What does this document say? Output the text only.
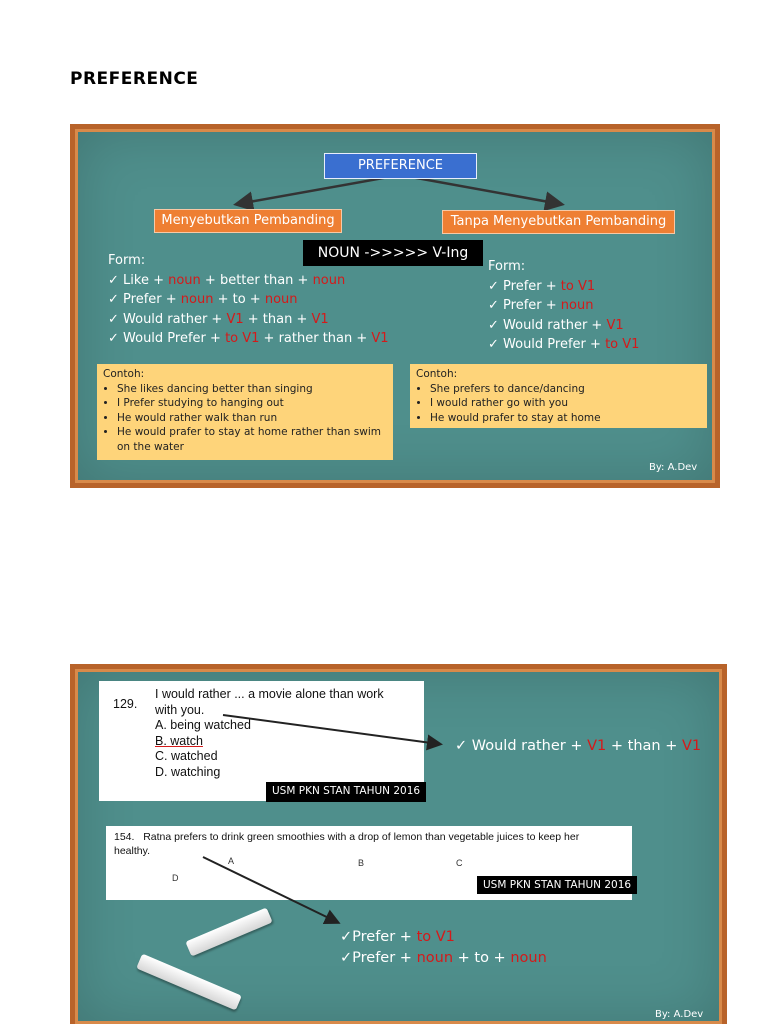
PREFERENCE
PREFERENCE
Menyebutkan Pembanding	Tanpa Menyebutkan Pembanding
NOUN ->>>>> V-Ing
Form:
✓ Like + noun + better than + noun
✓ Prefer + noun + to + noun
✓ Would rather + V1 + than + V1
✓ Would Prefer + to V1 + rather than + V1
Form:
✓ Prefer + to V1
✓ Prefer + noun
✓ Would rather + V1
✓ Would Prefer + to V1
Contoh:
• She likes dancing better than singing
• I Prefer studying to hanging out
• He would rather walk than run
• He would prafer to stay at home rather than swim on the water
Contoh:
• She prefers to dance/dancing
• I would rather go with you
• He would prafer to stay at home
By: A.Dev
129.
I would rather ... a movie alone than work
with you.
A. being watched
B. watch
C. watched
D. watching
USM PKN STAN TAHUN 2016
154. Ratna prefers to drink green smoothies with a drop of lemon than vegetable juices to keep her
healthy.
A	B	C
D
USM PKN STAN TAHUN 2016
✓ Would rather + V1 + than + V1
✓Prefer + to V1
✓Prefer + noun + to + noun
By: A.Dev
